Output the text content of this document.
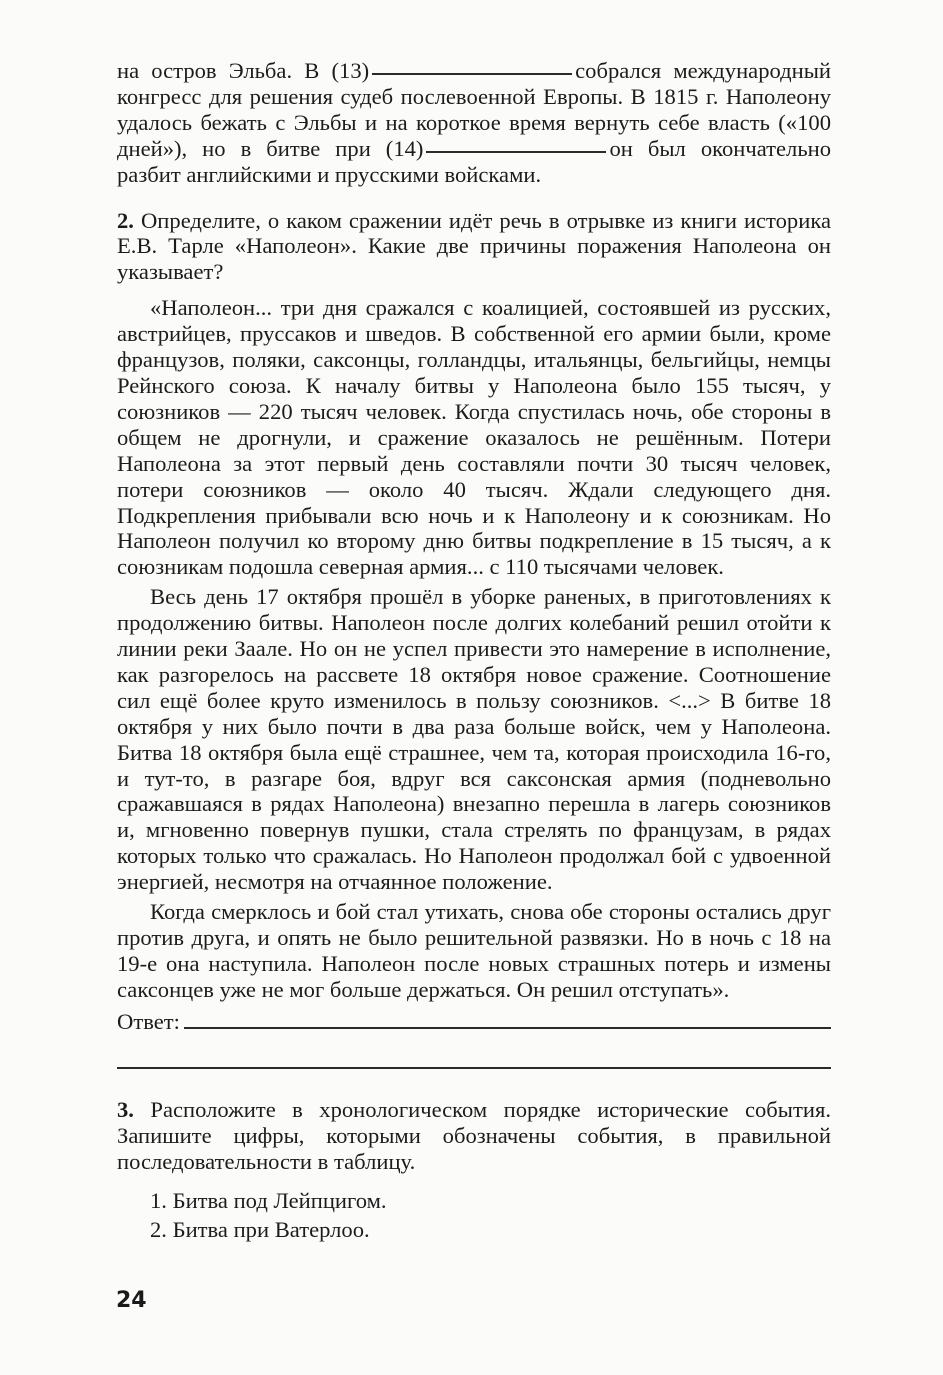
на остров Эльба. В (13)	собрался международный конгресс для решения судеб послевоенной Европы. В 1815 г. Наполеону удалось бежать с Эльбы и на короткое время вернуть себе власть («100 дней»), но в битве при (14)	он был окончательно разбит английскими и прусскими войсками.

2. Определите, о каком сражении идёт речь в отрывке из книги историка Е.В. Тарле «Наполеон». Какие две причины поражения Наполеона он указывает?

«Наполеон... три дня сражался с коалицией, состоявшей из русских, австрийцев, пруссаков и шведов. В собственной его армии были, кроме французов, поляки, саксонцы, голландцы, итальянцы, бельгийцы, немцы Рейнского союза. К началу битвы у Наполеона было 155 тысяч, у союзников — 220 тысяч человек. Когда спустилась ночь, обе стороны в общем не дрогнули, и сражение оказалось не решённым. Потери Наполеона за этот первый день составляли почти 30 тысяч человек, потери союзников — около 40 тысяч. Ждали следующего дня. Подкрепления прибывали всю ночь и к Наполеону и к союзникам. Но Наполеон получил ко второму дню битвы подкрепление в 15 тысяч, а к союзникам подошла северная армия... с 110 тысячами человек.

Весь день 17 октября прошёл в уборке раненых, в приготовлениях к продолжению битвы. Наполеон после долгих колебаний решил отойти к линии реки Заале. Но он не успел привести это намерение в исполнение, как разгорелось на рассвете 18 октября новое сражение. Соотношение сил ещё более круто изменилось в пользу союзников. <...> В битве 18 октября у них было почти в два раза больше войск, чем у Наполеона. Битва 18 октября была ещё страшнее, чем та, которая происходила 16-го, и тут-то, в разгаре боя, вдруг вся саксонская армия (подневольно сражавшаяся в рядах Наполеона) внезапно перешла в лагерь союзников и, мгновенно повернув пушки, стала стрелять по французам, в рядах которых только что сражалась. Но Наполеон продолжал бой с удвоенной энергией, несмотря на отчаянное положение.

Когда смерклось и бой стал утихать, снова обе стороны остались друг против друга, и опять не было решительной развязки. Но в ночь с 18 на 19-е она наступила. Наполеон после новых страшных потерь и измены саксонцев уже не мог больше держаться. Он решил отступать».

Ответ:

3. Расположите в хронологическом порядке исторические события. Запишите цифры, которыми обозначены события, в правильной последовательности в таблицу.

1. Битва под Лейпцигом.

2. Битва при Ватерлоо.

24
